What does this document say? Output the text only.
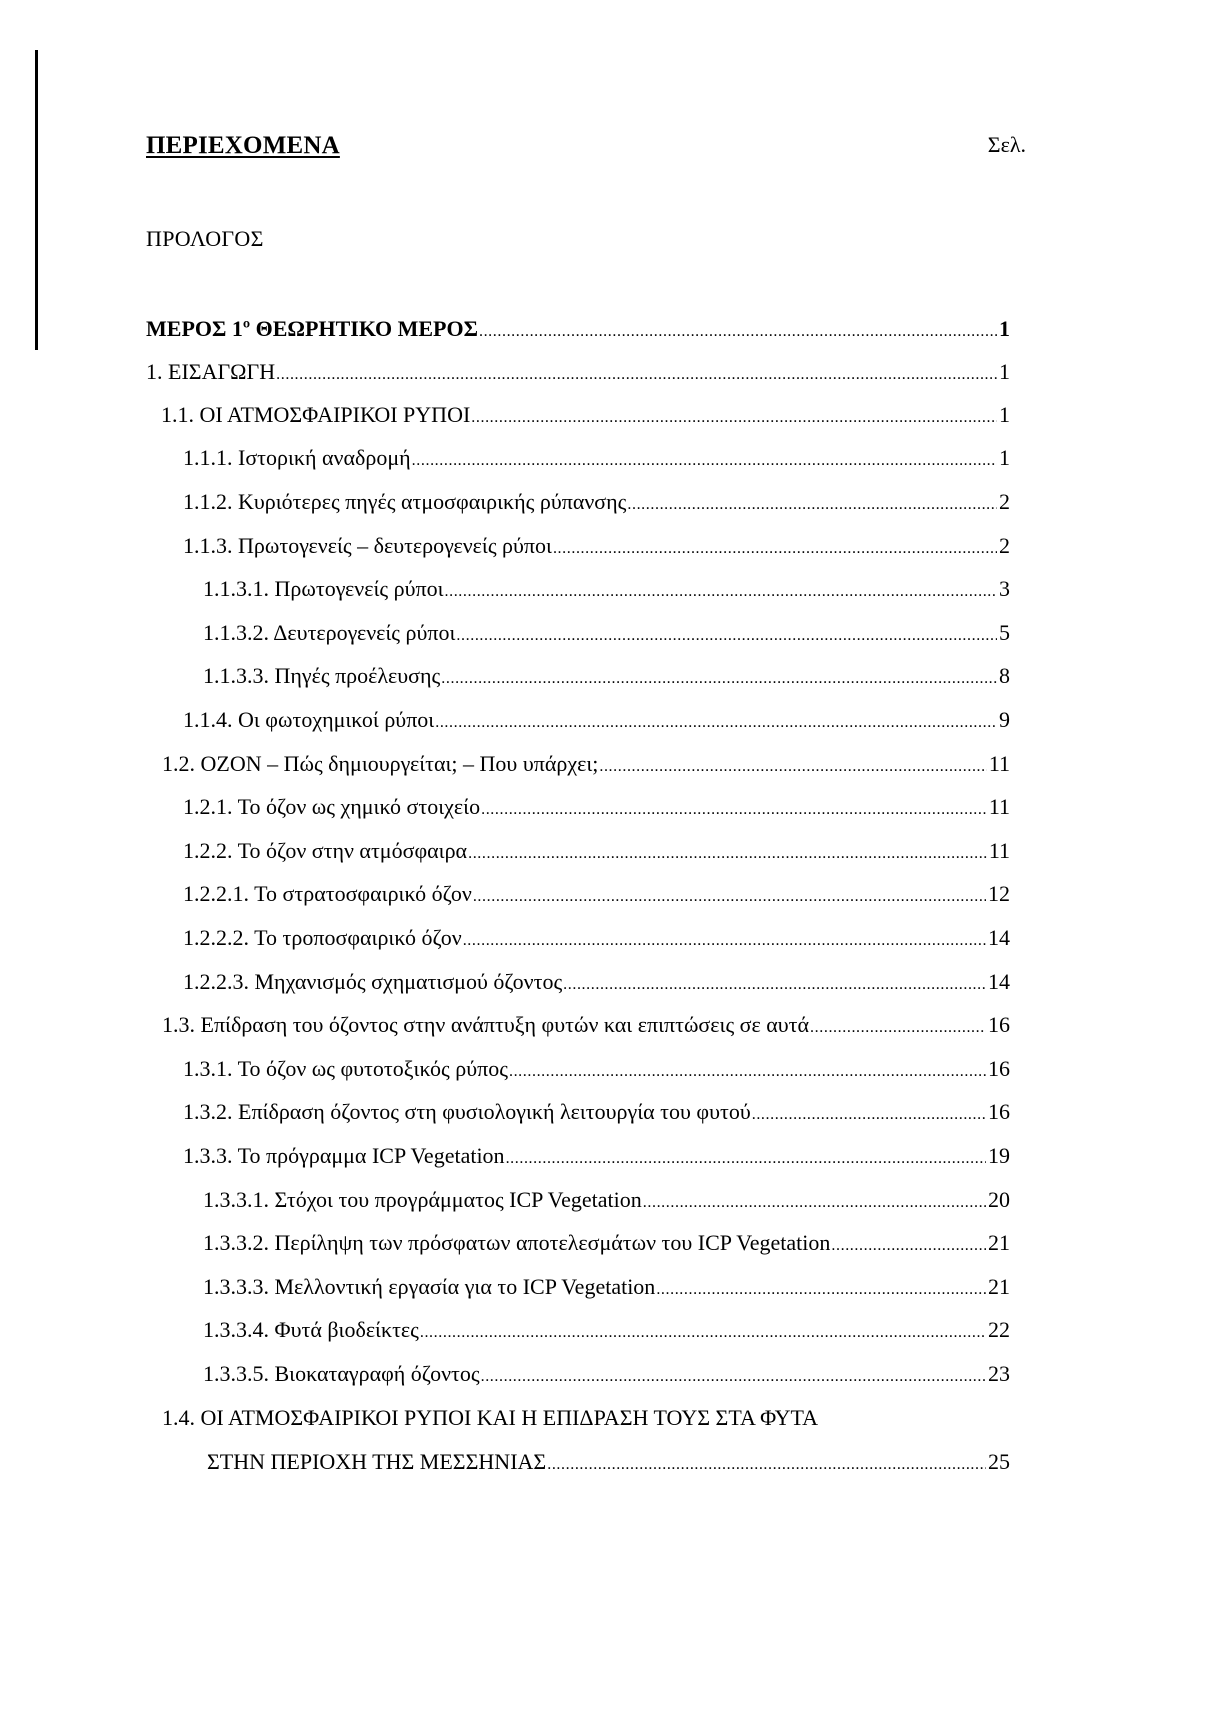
ΠΕΡΙΕΧΟΜΕΝΑ	Σελ.
ΠΡΟΛΟΓΟΣ
ΜΕΡΟΣ 1º ΘΕΩΡΗΤΙΚΟ ΜΕΡΟΣ .....	1
1. ΕΙΣΑΓΩΓΗ .....	1
1.1. ΟΙ ΑΤΜΟΣΦΑΙΡΙΚΟΙ ΡΥΠΟΙ .....	1
1.1.1. Ιστορική αναδρομή .....	1
1.1.2. Κυριότερες πηγές ατμοσφαιρικής ρύπανσης .....	2
1.1.3. Πρωτογενείς – δευτερογενείς ρύποι .....	2
1.1.3.1. Πρωτογενείς ρύποι .....	3
1.1.3.2. Δευτερογενείς ρύποι .....	5
1.1.3.3. Πηγές προέλευσης .....	8
1.1.4. Οι φωτοχημικοί ρύποι .....	9
1.2. ΟΖΟΝ – Πώς δημιουργείται; – Που υπάρχει; .....	11
1.2.1. Το όζον ως χημικό στοιχείο .....	11
1.2.2. Το όζον στην ατμόσφαιρα .....	11
1.2.2.1. Το στρατοσφαιρικό όζον .....	12
1.2.2.2. Το τροποσφαιρικό όζον .....	14
1.2.2.3. Μηχανισμός σχηματισμού όζοντος .....	14
1.3. Επίδραση του όζοντος στην ανάπτυξη φυτών και επιπτώσεις σε αυτά .....	16
1.3.1. Το όζον ως φυτοτοξικός ρύπος .....	16
1.3.2. Επίδραση όζοντος στη φυσιολογική λειτουργία του φυτού .....	16
1.3.3. Το πρόγραμμα ICP Vegetation .....	19
1.3.3.1. Στόχοι του προγράμματος ICP Vegetation .....	20
1.3.3.2. Περίληψη των πρόσφατων αποτελεσμάτων του ICP Vegetation .....	21
1.3.3.3. Μελλοντική εργασία για το ICP Vegetation .....	21
1.3.3.4. Φυτά βιοδείκτες .....	22
1.3.3.5. Βιοκαταγραφή όζοντος .....	23
1.4. ΟΙ ΑΤΜΟΣΦΑΙΡΙΚΟΙ ΡΥΠΟΙ ΚΑΙ Η ΕΠΙΔΡΑΣΗ ΤΟΥΣ ΣΤΑ ΦΥΤΑ
ΣΤΗΝ ΠΕΡΙΟΧΗ ΤΗΣ ΜΕΣΣΗΝΙΑΣ .....	25
